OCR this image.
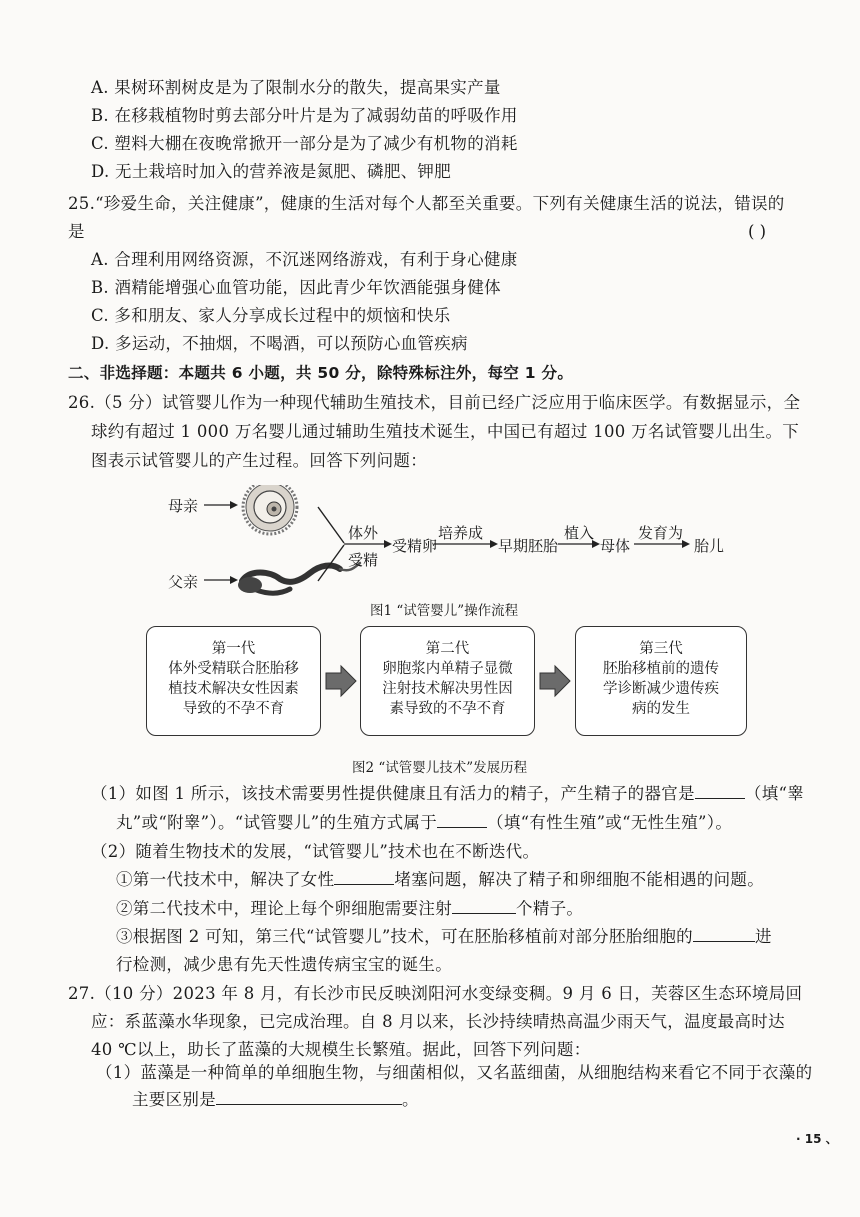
A. 果树环割树皮是为了限制水分的散失，提高果实产量
B. 在移栽植物时剪去部分叶片是为了减弱幼苗的呼吸作用
C. 塑料大棚在夜晚常掀开一部分是为了减少有机物的消耗
D. 无土栽培时加入的营养液是氮肥、磷肥、钾肥
25.“珍爱生命，关注健康”，健康的生活对每个人都至关重要。下列有关健康生活的说法，错误的
是	( )
A. 合理利用网络资源，不沉迷网络游戏，有利于身心健康
B. 酒精能增强心血管功能，因此青少年饮酒能强身健体
C. 多和朋友、家人分享成长过程中的烦恼和快乐
D. 多运动，不抽烟，不喝酒，可以预防心血管疾病
二、非选择题：本题共 6 小题，共 50 分，除特殊标注外，每空 1 分。
26.（5 分）试管婴儿作为一种现代辅助生殖技术，目前已经广泛应用于临床医学。有数据显示，全
球约有超过 1 000 万名婴儿通过辅助生殖技术诞生，中国已有超过 100 万名试管婴儿出生。下
图表示试管婴儿的产生过程。回答下列问题：
母亲
父亲
体外
受精
受精卵
培养成
早期胚胎
植入
母体
发育为
胎儿
图1 “试管婴儿”操作流程
第一代
体外受精联合胚胎移
植技术解决女性因素
导致的不孕不育
第二代
卵胞浆内单精子显微
注射技术解决男性因
素导致的不孕不育
第三代
胚胎移植前的遗传
学诊断减少遗传疾
病的发生
图2 “试管婴儿技术”发展历程
（1）如图 1 所示，该技术需要男性提供健康且有活力的精子，产生精子的器官是	（填“睾
丸”或“附睾”）。“试管婴儿”的生殖方式属于	（填“有性生殖”或“无性生殖”）。
（2）随着生物技术的发展，“试管婴儿”技术也在不断迭代。
①第一代技术中，解决了女性	堵塞问题，解决了精子和卵细胞不能相遇的问题。
②第二代技术中，理论上每个卵细胞需要注射	个精子。
③根据图 2 可知，第三代“试管婴儿”技术，可在胚胎移植前对部分胚胎细胞的	进
行检测，减少患有先天性遗传病宝宝的诞生。
27.（10 分）2023 年 8 月，有长沙市民反映浏阳河水变绿变稠。9 月 6 日，芙蓉区生态环境局回
应：系蓝藻水华现象，已完成治理。自 8 月以来，长沙持续晴热高温少雨天气，温度最高时达
40 ℃以上，助长了蓝藻的大规模生长繁殖。据此，回答下列问题：
（1）蓝藻是一种简单的单细胞生物，与细菌相似，又名蓝细菌，从细胞结构来看它不同于衣藻的
主要区别是	。
· 15 、
